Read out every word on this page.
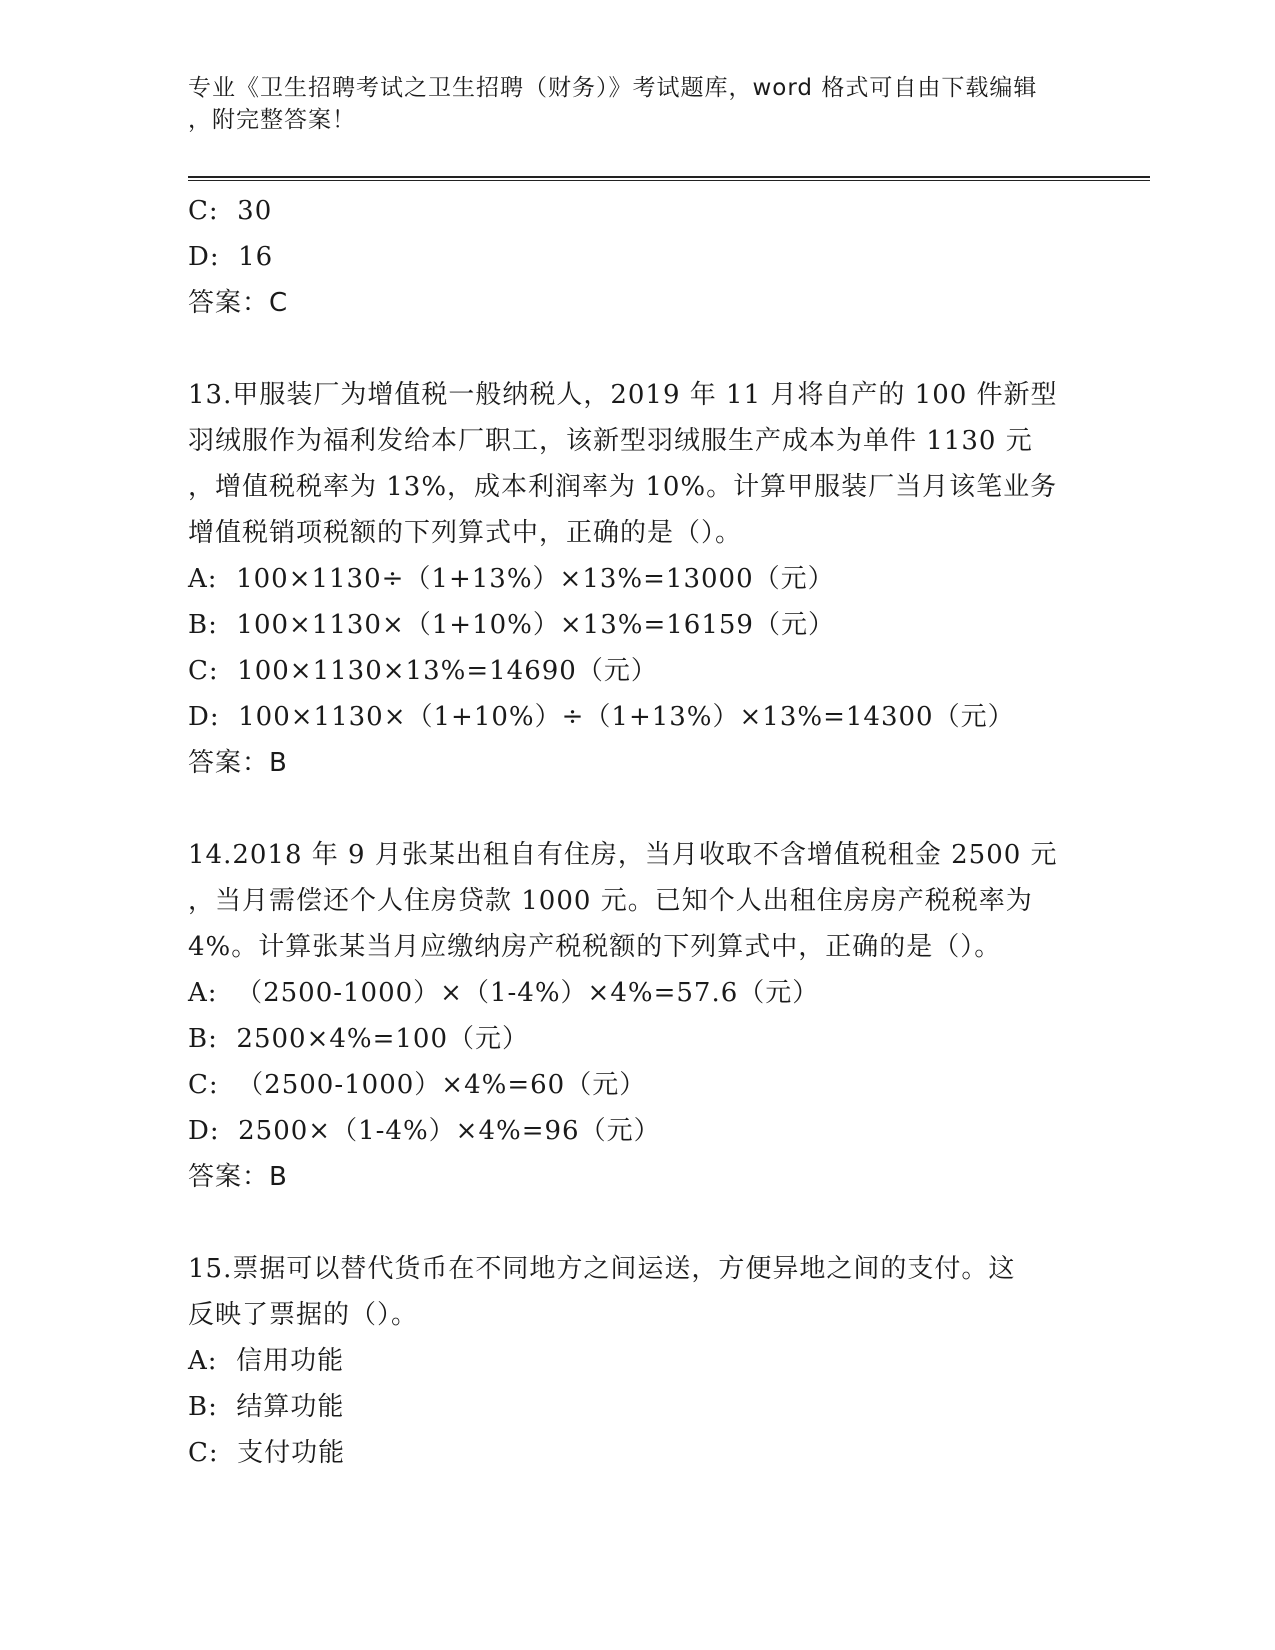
专业《卫生招聘考试之卫生招聘（财务）》考试题库，word 格式可自由下载编辑
，附完整答案！
C:  30
D:  16
答案：C
13.甲服装厂为增值税一般纳税人，2019 年 11 月将自产的 100 件新型
羽绒服作为福利发给本厂职工，该新型羽绒服生产成本为单件 1130 元
，增值税税率为 13%，成本利润率为 10%。计算甲服装厂当月该笔业务
增值税销项税额的下列算式中，正确的是（）。
A:  100×1130÷（1+13%）×13%=13000（元）
B:  100×1130×（1+10%）×13%=16159（元）
C:  100×1130×13%=14690（元）
D:  100×1130×（1+10%）÷（1+13%）×13%=14300（元）
答案：B
14.2018 年 9 月张某出租自有住房，当月收取不含增值税租金 2500 元
，当月需偿还个人住房贷款 1000 元。已知个人出租住房房产税税率为
4%。计算张某当月应缴纳房产税税额的下列算式中，正确的是（）。
A:  （2500-1000）×（1-4%）×4%=57.6（元）
B:  2500×4%=100（元）
C:  （2500-1000）×4%=60（元）
D:  2500×（1-4%）×4%=96（元）
答案：B
15.票据可以替代货币在不同地方之间运送，方便异地之间的支付。这
反映了票据的（）。
A:  信用功能
B:  结算功能
C:  支付功能
